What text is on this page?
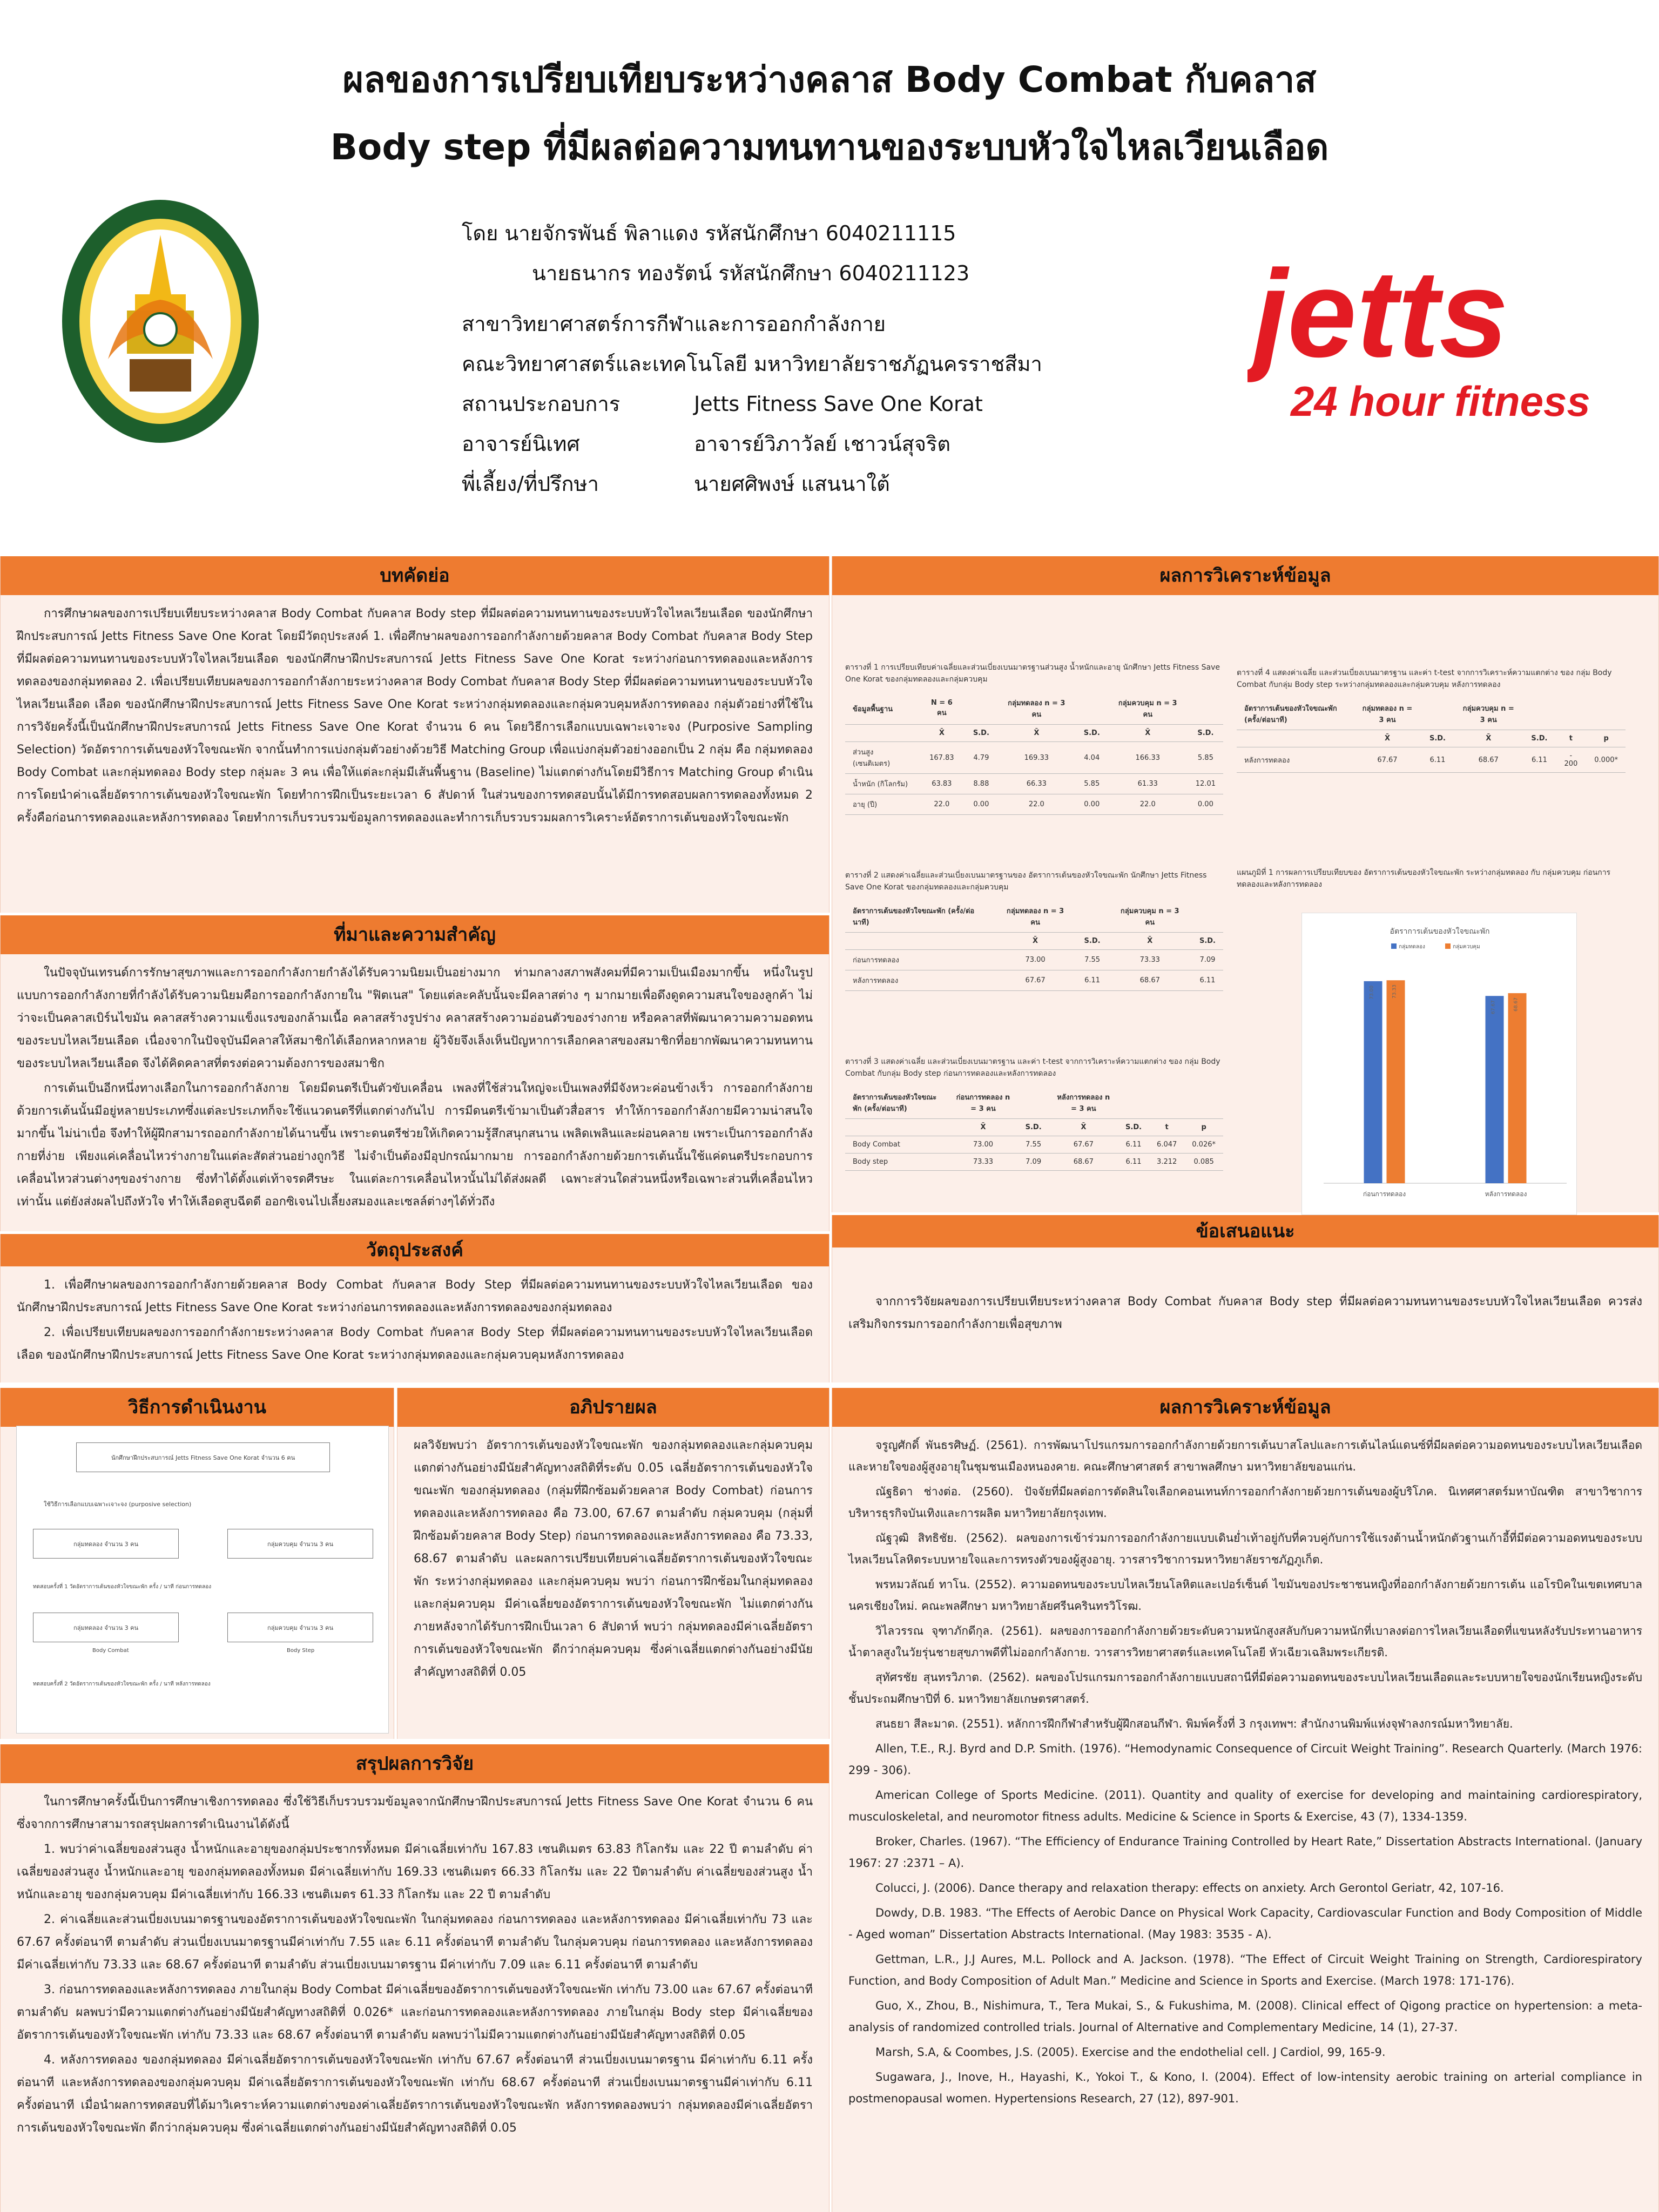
ผลของการเปรียบเทียบระหว่างคลาส Body Combat กับคลาส
Body step ที่มีผลต่อความทนทานของระบบหัวใจไหลเวียนเลือด
jetts
24 hour fitness
โดย นายจักรพันธ์ พิลาแดง รหัสนักศึกษา 6040211115
นายธนากร ทองรัตน์ รหัสนักศึกษา 6040211123
สาขาวิทยาศาสตร์การกีฬาและการออกกำลังกาย
คณะวิทยาศาสตร์และเทคโนโลยี มหาวิทยาลัยราชภัฏนครราชสีมา
สถานประกอบการ	Jetts Fitness Save One Korat
อาจารย์นิเทศ	อาจารย์วิภาวัลย์ เชาวน์สุจริต
พี่เลี้ยง/ที่ปรึกษา	นายศศิพงษ์ แสนนาใต้
บทคัดย่อ

การศึกษาผลของการเปรียบเทียบระหว่างคลาส Body Combat กับคลาส Body step ที่มีผลต่อความทนทานของระบบหัวใจไหลเวียนเลือด ของนักศึกษาฝึกประสบการณ์ Jetts Fitness Save One Korat โดยมีวัตถุประสงค์ 1. เพื่อศึกษาผลของการออกกำลังกายด้วยคลาส Body Combat กับคลาส Body Step ที่มีผลต่อความทนทานของระบบหัวใจไหลเวียนเลือด ของนักศึกษาฝึกประสบการณ์ Jetts Fitness Save One Korat ระหว่างก่อนการทดลองและหลังการทดลองของกลุ่มทดลอง 2. เพื่อเปรียบเทียบผลของการออกกำลังกายระหว่างคลาส Body Combat กับคลาส Body Step ที่มีผลต่อความทนทานของระบบหัวใจไหลเวียนเลือด เลือด ของนักศึกษาฝึกประสบการณ์ Jetts Fitness Save One Korat ระหว่างกลุ่มทดลองและกลุ่มควบคุมหลังการทดลอง กลุ่มตัวอย่างที่ใช้ในการวิจัยครั้งนี้เป็นนักศึกษาฝึกประสบการณ์ Jetts Fitness Save One Korat จำนวน 6 คน โดยวิธีการเลือกแบบเฉพาะเจาะจง (Purposive Sampling Selection) วัดอัตราการเต้นของหัวใจขณะพัก จากนั้นทำการแบ่งกลุ่มตัวอย่างด้วยวิธี Matching Group เพื่อแบ่งกลุ่มตัวอย่างออกเป็น 2 กลุ่ม คือ กลุ่มทดลอง Body Combat และกลุ่มทดลอง Body step กลุ่มละ 3 คน เพื่อให้แต่ละกลุ่มมีเส้นพื้นฐาน (Baseline) ไม่แตกต่างกันโดยมีวิธีการ Matching Group ดำเนินการโดยนำค่าเฉลี่ยอัตราการเต้นของหัวใจขณะพัก โดยทำการฝึกเป็นระยะเวลา 6 สัปดาห์ ในส่วนของการทดสอบนั้นได้มีการทดสอบผลการทดลองทั้งหมด 2 ครั้งคือก่อนการทดลองและหลังการทดลอง โดยทำการเก็บรวบรวมข้อมูลการทดลองและทำการเก็บรวบรวมผลการวิเคราะห์อัตราการเต้นของหัวใจขณะพัก

ที่มาและความสำคัญ

ในปัจจุบันเทรนด์การรักษาสุขภาพและการออกกำลังกายกำลังได้รับความนิยมเป็นอย่างมาก ท่ามกลางสภาพสังคมที่มีความเป็นเมืองมากขึ้น หนึ่งในรูปแบบการออกกำลังกายที่กำลังได้รับความนิยมคือการออกกำลังกายใน "ฟิตเนส" โดยแต่ละคลับนั้นจะมีคลาสต่าง ๆ มากมายเพื่อดึงดูดความสนใจของลูกค้า ไม่ว่าจะเป็นคลาสเบิร์นไขมัน คลาสสร้างความแข็งแรงของกล้ามเนื้อ คลาสสร้างรูปร่าง คลาสสร้างความอ่อนตัวของร่างกาย หรือคลาสที่พัฒนาความความอดทนของระบบไหลเวียนเลือด เนื่องจากในปัจจุบันมีคลาสให้สมาชิกได้เลือกหลากหลาย ผู้วิจัยจึงเล็งเห็นปัญหาการเลือกคลาสของสมาชิกที่อยากพัฒนาความทนทานของระบบไหลเวียนเลือด จึงได้คิดคลาสที่ตรงต่อความต้องการของสมาชิก

การเต้นเป็นอีกหนึ่งทางเลือกในการออกกำลังกาย โดยมีดนตรีเป็นตัวขับเคลื่อน เพลงที่ใช้ส่วนใหญ่จะเป็นเพลงที่มีจังหวะค่อนข้างเร็ว การออกกำลังกายด้วยการเต้นนั้นมีอยู่หลายประเภทซึ่งแต่ละประเภทก็จะใช้แนวดนตรีที่แตกต่างกันไป การมีดนตรีเข้ามาเป็นตัวสื่อสาร ทำให้การออกกำลังกายมีความน่าสนใจมากขึ้น ไม่น่าเบื่อ จึงทำให้ผู้ฝึกสามารถออกกำลังกายได้นานขึ้น เพราะดนตรีช่วยให้เกิดความรู้สึกสนุกสนาน เพลิดเพลินและผ่อนคลาย เพราะเป็นการออกกำลังกายที่ง่าย เพียงแค่เคลื่อนไหวร่างกายในแต่ละสัดส่วนอย่างถูกวิธี ไม่จำเป็นต้องมีอุปกรณ์มากมาย การออกกำลังกายด้วยการเต้นนั้นใช้แค่ดนตรีประกอบการเคลื่อนไหวส่วนต่างๆของร่างกาย ซึ่งทำได้ตั้งแต่เท้าจรดศีรษะ ในแต่ละการเคลื่อนไหวนั้นไม่ได้ส่งผลดี เฉพาะส่วนใดส่วนหนึ่งหรือเฉพาะส่วนที่เคลื่อนไหวเท่านั้น แต่ยังส่งผลไปถึงหัวใจ ทำให้เลือดสูบฉีดดี ออกซิเจนไปเลี้ยงสมองและเซลล์ต่างๆได้ทั่วถึง

วัตถุประสงค์

1. เพื่อศึกษาผลของการออกกำลังกายด้วยคลาส Body Combat กับคลาส Body Step ที่มีผลต่อความทนทานของระบบหัวใจไหลเวียนเลือด ของนักศึกษาฝึกประสบการณ์ Jetts Fitness Save One Korat ระหว่างก่อนการทดลองและหลังการทดลองของกลุ่มทดลอง

2. เพื่อเปรียบเทียบผลของการออกกำลังกายระหว่างคลาส Body Combat กับคลาส Body Step ที่มีผลต่อความทนทานของระบบหัวใจไหลเวียนเลือด เลือด ของนักศึกษาฝึกประสบการณ์ Jetts Fitness Save One Korat ระหว่างกลุ่มทดลองและกลุ่มควบคุมหลังการทดลอง

วิธีการดำเนินงาน
นักศึกษาฝึกประสบการณ์ Jetts Fitness Save One Korat จำนวน 6 คน
ใช้วิธีการเลือกแบบเฉพาะเจาะจง (purposive selection)
กลุ่มทดลอง จำนวน 3 คน	กลุ่มควบคุม จำนวน 3 คน
ทดสอบครั้งที่ 1 วัดอัตราการเต้นของหัวใจขณะพัก ครั้ง / นาที ก่อนการทดลอง
กลุ่มทดลอง จำนวน 3 คน	กลุ่มควบคุม จำนวน 3 คน
Body Combat	Body Step
ทดสอบครั้งที่ 2 วัดอัตราการเต้นของหัวใจขณะพัก ครั้ง / นาที หลังการทดลอง
อภิปรายผล
ผลวิจัยพบว่า อัตราการเต้นของหัวใจขณะพัก ของกลุ่มทดลองและกลุ่มควบคุม แตกต่างกันอย่างมีนัยสำคัญทางสถิติที่ระดับ 0.05 เฉลี่ยอัตราการเต้นของหัวใจขณะพัก ของกลุ่มทดลอง (กลุ่มที่ฝึกซ้อมด้วยคลาส Body Combat) ก่อนการทดลองและหลังการทดลอง คือ 73.00, 67.67 ตามลำดับ กลุ่มควบคุม (กลุ่มที่ฝึกซ้อมด้วยคลาส Body Step) ก่อนการทดลองและหลังการทดลอง คือ 73.33, 68.67 ตามลำดับ และผลการเปรียบเทียบค่าเฉลี่ยอัตราการเต้นของหัวใจขณะพัก ระหว่างกลุ่มทดลอง และกลุ่มควบคุม พบว่า ก่อนการฝึกซ้อมในกลุ่มทดลองและกลุ่มควบคุม มีค่าเฉลี่ยของอัตราการเต้นของหัวใจขณะพัก ไม่แตกต่างกัน ภายหลังจากได้รับการฝึกเป็นเวลา 6 สัปดาห์ พบว่า กลุ่มทดลองมีค่าเฉลี่ยอัตราการเต้นของหัวใจขณะพัก ดีกว่ากลุ่มควบคุม ซึ่งค่าเฉลี่ยแตกต่างกันอย่างมีนัยสำคัญทางสถิติที่ 0.05
สรุปผลการวิจัย

ในการศึกษาครั้งนี้เป็นการศึกษาเชิงการทดลอง ซึ่งใช้วิธีเก็บรวบรวมข้อมูลจากนักศึกษาฝึกประสบการณ์ Jetts Fitness Save One Korat จำนวน 6 คน ซึ่งจากการศึกษาสามารถสรุปผลการดำเนินงานได้ดังนี้

1. พบว่าค่าเฉลี่ยของส่วนสูง น้ำหนักและอายุของกลุ่มประชากรทั้งหมด มีค่าเฉลี่ยเท่ากับ 167.83 เซนติเมตร 63.83 กิโลกรัม และ 22 ปี ตามลำดับ ค่าเฉลี่ยของส่วนสูง น้ำหนักและอายุ ของกลุ่มทดลองทั้งหมด มีค่าเฉลี่ยเท่ากับ 169.33 เซนติเมตร 66.33 กิโลกรัม และ 22 ปีตามลำดับ ค่าเฉลี่ยของส่วนสูง น้ำหนักและอายุ ของกลุ่มควบคุม มีค่าเฉลี่ยเท่ากับ 166.33 เซนติเมตร 61.33 กิโลกรัม และ 22 ปี ตามลำดับ

2. ค่าเฉลี่ยและส่วนเบี่ยงเบนมาตรฐานของอัตราการเต้นของหัวใจขณะพัก ในกลุ่มทดลอง ก่อนการทดลอง และหลังการทดลอง มีค่าเฉลี่ยเท่ากับ 73 และ 67.67 ครั้งต่อนาที ตามลำดับ ส่วนเบี่ยงเบนมาตรฐานมีค่าเท่ากับ 7.55 และ 6.11 ครั้งต่อนาที ตามลำดับ ในกลุ่มควบคุม ก่อนการทดลอง และหลังการทดลอง มีค่าเฉลี่ยเท่ากับ 73.33 และ 68.67 ครั้งต่อนาที ตามลำดับ ส่วนเบี่ยงเบนมาตรฐาน มีค่าเท่ากับ 7.09 และ 6.11 ครั้งต่อนาที ตามลำดับ

3. ก่อนการทดลองและหลังการทดลอง ภายในกลุ่ม Body Combat มีค่าเฉลี่ยของอัตราการเต้นของหัวใจขณะพัก เท่ากับ 73.00 และ 67.67 ครั้งต่อนาที ตามลำดับ ผลพบว่ามีความแตกต่างกันอย่างมีนัยสำคัญทางสถิติที่ 0.026* และก่อนการทดลองและหลังการทดลอง ภายในกลุ่ม Body step มีค่าเฉลี่ยของอัตราการเต้นของหัวใจขณะพัก เท่ากับ 73.33 และ 68.67 ครั้งต่อนาที ตามลำดับ ผลพบว่าไม่มีความแตกต่างกันอย่างมีนัยสำคัญทางสถิติที่ 0.05

4. หลังการทดลอง ของกลุ่มทดลอง มีค่าเฉลี่ยอัตราการเต้นของหัวใจขณะพัก เท่ากับ 67.67 ครั้งต่อนาที ส่วนเบี่ยงเบนมาตรฐาน มีค่าเท่ากับ 6.11 ครั้งต่อนาที และหลังการทดลองของกลุ่มควบคุม มีค่าเฉลี่ยอัตราการเต้นของหัวใจขณะพัก เท่ากับ 68.67 ครั้งต่อนาที ส่วนเบี่ยงเบนมาตรฐานมีค่าเท่ากับ 6.11 ครั้งต่อนาที เมื่อนำผลการทดสอบที่ได้มาวิเคราะห์ความแตกต่างของค่าเฉลี่ยอัตราการเต้นของหัวใจขณะพัก หลังการทดลองพบว่า กลุ่มทดลองมีค่าเฉลี่ยอัตราการเต้นของหัวใจขณะพัก ดีกว่ากลุ่มควบคุม ซึ่งค่าเฉลี่ยแตกต่างกันอย่างมีนัยสำคัญทางสถิติที่ 0.05

ผลการวิเคราะห์ข้อมูล
ตารางที่ 1 การเปรียบเทียบค่าเฉลี่ยและส่วนเบี่ยงเบนมาตรฐานส่วนสูง น้ำหนักและอายุ นักศึกษา Jetts Fitness Save One Korat ของกลุ่มทดลองและกลุ่มควบคุม
ข้อมูลพื้นฐาน	N = 6 คน		กลุ่มทดลอง n = 3 คน		กลุ่มควบคุม n = 3 คน	
	X̄	S.D.	X̄	S.D.	X̄	S.D.
ส่วนสูง (เซนติเมตร)	167.83	4.79	169.33	4.04	166.33	5.85
น้ำหนัก (กิโลกรัม)	63.83	8.88	66.33	5.85	61.33	12.01
อายุ (ปี)	22.0	0.00	22.0	0.00	22.0	0.00
ตารางที่ 4 แสดงค่าเฉลี่ย และส่วนเบี่ยงเบนมาตรฐาน และค่า t-test จากการวิเคราะห์ความแตกต่าง ของ กลุ่ม Body Combat กับกลุ่ม Body step ระหว่างกลุ่มทดลองและกลุ่มควบคุม หลังการทดลอง
อัตราการเต้นของหัวใจขณะพัก (ครั้ง/ต่อนาที)	กลุ่มทดลอง n = 3 คน		กลุ่มควบคุม n = 3 คน			
	X̄	S.D.	X̄	S.D.	t	p
หลังการทดลอง	67.67	6.11	68.67	6.11	- 200	0.000*
ตารางที่ 2 แสดงค่าเฉลี่ยและส่วนเบี่ยงเบนมาตรฐานของ อัตราการเต้นของหัวใจขณะพัก นักศึกษา Jetts Fitness Save One Korat ของกลุ่มทดลองและกลุ่มควบคุม
อัตราการเต้นของหัวใจขณะพัก (ครั้ง/ต่อนาที)	กลุ่มทดลอง n = 3 คน		กลุ่มควบคุม n = 3 คน	
	X̄	S.D.	X̄	S.D.
ก่อนการทดลอง	73.00	7.55	73.33	7.09
หลังการทดลอง	67.67	6.11	68.67	6.11
แผนภูมิที่ 1 การผลการเปรียบเทียบของ อัตราการเต้นของหัวใจขณะพัก ระหว่างกลุ่มทดลอง กับ กลุ่มควบคุม ก่อนการทดลองและหลังการทดลอง
ตารางที่ 3 แสดงค่าเฉลี่ย และส่วนเบี่ยงเบนมาตรฐาน และค่า t-test จากการวิเคราะห์ความแตกต่าง ของ กลุ่ม Body Combat กับกลุ่ม Body step ก่อนการทดลองและหลังการทดลอง
อัตราการเต้นของหัวใจขณะพัก (ครั้ง/ต่อนาที)	ก่อนการทดลอง n = 3 คน		หลังการทดลอง n = 3 คน			
	X̄	S.D.	X̄	S.D.	t	p
Body Combat	73.00	7.55	67.67	6.11	6.047	0.026*
Body step	73.33	7.09	68.67	6.11	3.212	0.085
อัตราการเต้นของหัวใจขณะพัก
กลุ่มทดลอง	กลุ่มควบคุม
ก่อนการทดลอง
73.00	73.33
หลังการทดลอง
67.67	68.67
ข้อเสนอแนะ

จากการวิจัยผลของการเปรียบเทียบระหว่างคลาส Body Combat กับคลาส Body step ที่มีผลต่อความทนทานของระบบหัวใจไหลเวียนเลือด ควรส่งเสริมกิจกรรมการออกกำลังกายเพื่อสุขภาพ

ผลการวิเคราะห์ข้อมูล

จรูญศักดิ์ พันธรศิษฏ์. (2561). การพัฒนาโปรแกรมการออกกำลังกายด้วยการเต้นบาสโลปและการเต้นไลน์แดนซ์ที่มีผลต่อความอดทนของระบบไหลเวียนเลือดและหายใจของผู้สูงอายุในชุมชนเมืองหนองคาย. คณะศึกษาศาสตร์ สาขาพลศึกษา มหาวิทยาลัยขอนแก่น.

ณัฐธิดา ช่างต่อ. (2560). ปัจจัยที่มีผลต่อการตัดสินใจเลือกคอนเทนท์การออกกำลังกายด้วยการเต้นของผู้บริโภค. นิเทศศาสตร์มหาบัณฑิต สาขาวิชาการบริหารธุรกิจบันเทิงและการผลิต มหาวิทยาลัยกรุงเทพ.

ณัฐวุฒิ สิทธิชัย. (2562). ผลของการเข้าร่วมการออกกำลังกายแบบเดินย่ำเท้าอยู่กับที่ควบคู่กับการใช้แรงต้านน้ำหนักตัวฐานเก้าอี้ที่มีต่อความอดทนของระบบไหลเวียนโลหิตระบบหายใจและการทรงตัวของผู้สูงอายุ. วารสารวิชาการมหาวิทยาลัยราชภัฏภูเก็ต.

พรหมวลัณย์ ทาโน. (2552). ความอดทนของระบบไหลเวียนโลหิตและเปอร์เซ็นต์ ไขมันของประชาชนหญิงที่ออกกำลังกายด้วยการเต้น แอโรบิคในเขตเทศบาลนครเชียงใหม่. คณะพลศึกษา มหาวิทยาลัยศรีนครินทรวิโรฒ.

วิไลวรรณ จุฑาภักดีกุล. (2561). ผลของการออกกำลังกายด้วยระดับความหนักสูงสลับกับความหนักที่เบาลงต่อการไหลเวียนเลือดที่แขนหลังรับประทานอาหารน้ำตาลสูงในวัยรุ่นชายสุขภาพดีที่ไม่ออกกำลังกาย. วารสารวิทยาศาสตร์และเทคโนโลยี หัวเฉียวเฉลิมพระเกียรติ.

สุทัศรชัย สุนทรวิภาต. (2562). ผลของโปรแกรมการออกกำลังกายแบบสถานีที่มีต่อความอดทนของระบบไหลเวียนเลือดและระบบหายใจของนักเรียนหญิงระดับชั้นประถมศึกษาปีที่ 6. มหาวิทยาลัยเกษตรศาสตร์.

สนธยา สีละมาด. (2551). หลักการฝึกกีฬาสำหรับผู้ฝึกสอนกีฬา. พิมพ์ครั้งที่ 3 กรุงเทพฯ: สำนักงานพิมพ์แห่งจุฬาลงกรณ์มหาวิทยาลัย.

Allen, T.E., R.J. Byrd and D.P. Smith. (1976). “Hemodynamic Consequence of Circuit Weight Training”. Research Quarterly. (March 1976: 299 - 306).

American College of Sports Medicine. (2011). Quantity and quality of exercise for developing and maintaining cardiorespiratory, musculoskeletal, and neuromotor fitness adults. Medicine & Science in Sports & Exercise, 43 (7), 1334-1359.

Broker, Charles. (1967). “The Efficiency of Endurance Training Controlled by Heart Rate,” Dissertation Abstracts International. (January 1967: 27 :2371 – A).

Colucci, J. (2006). Dance therapy and relaxation therapy: effects on anxiety. Arch Gerontol Geriatr, 42, 107-16.

Dowdy, D.B. 1983. “The Effects of Aerobic Dance on Physical Work Capacity, Cardiovascular Function and Body Composition of Middle - Aged woman” Dissertation Abstracts International. (May 1983: 3535 - A).

Gettman, L.R., J.J Aures, M.L. Pollock and A. Jackson. (1978). “The Effect of Circuit Weight Training on Strength, Cardiorespiratory Function, and Body Composition of Adult Man.” Medicine and Science in Sports and Exercise. (March 1978: 171-176).

Guo, X., Zhou, B., Nishimura, T., Tera Mukai, S., & Fukushima, M. (2008). Clinical effect of Qigong practice on hypertension: a meta-analysis of randomized controlled trials. Journal of Alternative and Complementary Medicine, 14 (1), 27-37.

Marsh, S.A, & Coombes, J.S. (2005). Exercise and the endothelial cell. J Cardiol, 99, 165-9.

Sugawara, J., Inove, H., Hayashi, K., Yokoi T., & Kono, I. (2004). Effect of low-intensity aerobic training on arterial compliance in postmenopausal women. Hypertensions Research, 27 (12), 897-901.
